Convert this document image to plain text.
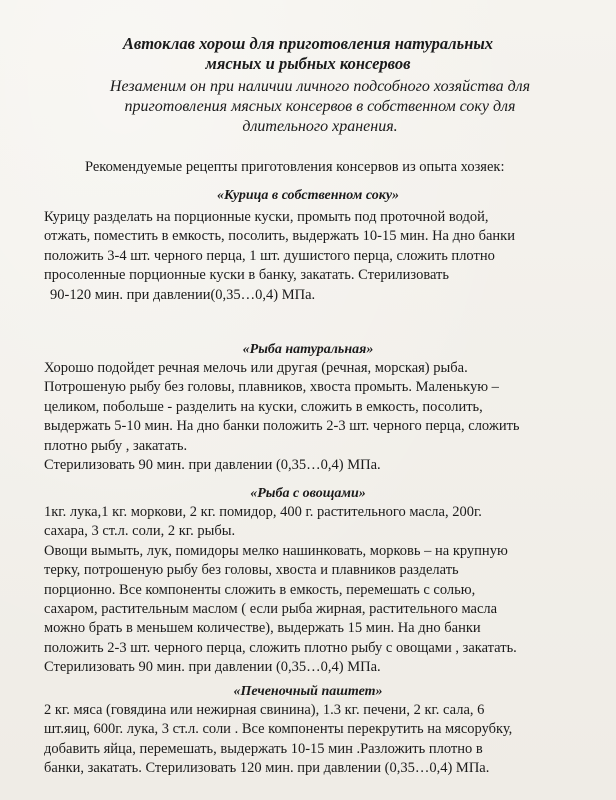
Автоклав хорош для приготовления натуральных
мясных и рыбных консервов

Незаменим он при наличии личного подсобного хозяйства для
приготовления мясных консервов в собственном соку для
длительного хранения.

Рекомендуемые рецепты приготовления консервов из опыта хозяек:

«Курица в собственном соку»

Курицу разделать на порционные куски, промыть под проточной водой,
отжать, поместить в емкость, посолить, выдержать 10-15 мин. На дно банки
положить 3-4 шт. черного перца, 1 шт. душистого перца, сложить плотно
просоленные порционные куски в банку, закатать. Стерилизовать
90-120 мин. при давлении(0,35…0,4) МПа.

«Рыба натуральная»

Хорошо подойдет речная мелочь или другая (речная, морская) рыба.
Потрошеную рыбу без головы, плавников, хвоста промыть. Маленькую –
целиком, побольше - разделить на куски, сложить в емкость, посолить,
выдержать 5-10 мин. На дно банки положить 2-3 шт. черного перца, сложить
плотно рыбу , закатать.
Стерилизовать 90 мин. при давлении (0,35…0,4) МПа.

«Рыба с овощами»

1кг. лука,1 кг. моркови, 2 кг. помидор, 400 г. растительного масла, 200г.
сахара, 3 ст.л. соли, 2 кг. рыбы.
Овощи вымыть, лук, помидоры мелко нашинковать, морковь – на крупную
терку, потрошеную рыбу без головы, хвоста и плавников разделать
порционно. Все компоненты сложить в емкость, перемешать с солью,
сахаром, растительным маслом ( если рыба жирная, растительного масла
можно брать в меньшем количестве), выдержать 15 мин. На дно банки
положить 2-3 шт. черного перца, сложить плотно рыбу с овощами , закатать.
Стерилизовать 90 мин. при давлении (0,35…0,4) МПа.

«Печеночный паштет»

2 кг. мяса (говядина или нежирная свинина), 1.3 кг. печени, 2 кг. сала, 6
шт.яиц, 600г. лука, 3 ст.л. соли . Все компоненты перекрутить на мясорубку,
добавить яйца, перемешать, выдержать 10-15 мин .Разложить плотно в
банки, закатать. Стерилизовать 120 мин. при давлении (0,35…0,4) МПа.
